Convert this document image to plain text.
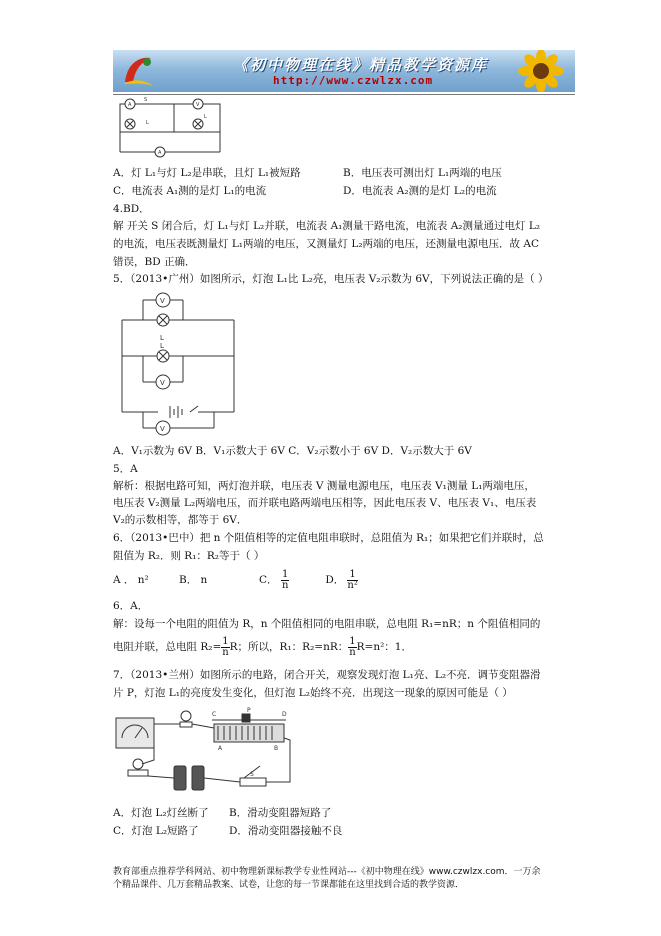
《初中物理在线》精品教学资源库
http://www.czwlzx.com
A	V
A
S
L
L
A．灯 L₁与灯 L₂是串联，且灯 L₁被短路	B．电压表可测出灯 L₁两端的电压
C．电流表 A₁测的是灯 L₁的电流	D．电流表 A₂测的是灯 L₂的电流
4.BD．
解 开关 S 闭合后，灯 L₁与灯 L₂并联，电流表 A₁测量干路电流，电流表 A₂测量通过电灯 L₂
的电流，电压表既测量灯 L₁两端的电压，又测量灯 L₂两端的电压，还测量电源电压．故 AC
错误，BD 正确．
5．（2013•广州）如图所示，灯泡 L₁比 L₂亮，电压表 V₂示数为 6V，下列说法正确的是（ ）
V
V
V
L
L
A．V₁示数为 6V B．V₁示数大于 6V C．V₂示数小于 6V D．V₂示数大于 6V
5．A
解析：根据电路可知，两灯泡并联，电压表 V 测量电源电压，电压表 V₁测量 L₁两端电压，
电压表 V₂测量 L₂两端电压，而并联电路两端电压相等，因此电压表 V、电压表 V₁、电压表
V₂的示数相等，都等于 6V．
6．（2013•巴中）把 n 个阻值相等的定值电阻串联时，总阻值为 R₁；如果把它们并联时，总
阻值为 R₂．则 R₁：R₂等于（ ）
A ． n²	B． n	C． $\frac{1}{n}$	D． $\frac{1}{\text{n²}}$
6．A．
解：设每一个电阻的阻值为 R，n 个阻值相同的电阻串联，总电阻 R₁=nR；n 个阻值相同的
电阻并联，总电阻 $R_2= \frac{1}{n}$ R；所以，R₁：R₂=nR： $\frac{1}{n} R=n^2$：1．
7．（2013•兰州）如图所示的电路，闭合开关，观察发现灯泡 L₁亮、L₂不亮．调节变阻器滑
片 P，灯泡 L₁的亮度发生变化，但灯泡 L₂始终不亮．出现这一现象的原因可能是（ ）
C
P
D
A	B
S
A．灯泡 L₂灯丝断了 B．滑动变阻器短路了
C．灯泡 L₂短路了	D．滑动变阻器接触不良
教育部重点推荐学科网站、初中物理新课标教学专业性网站---《初中物理在线》www.czwlzx.com．一万余
个精品课件、几万套精品教案、试卷，让您的每一节课都能在这里找到合适的教学资源．
